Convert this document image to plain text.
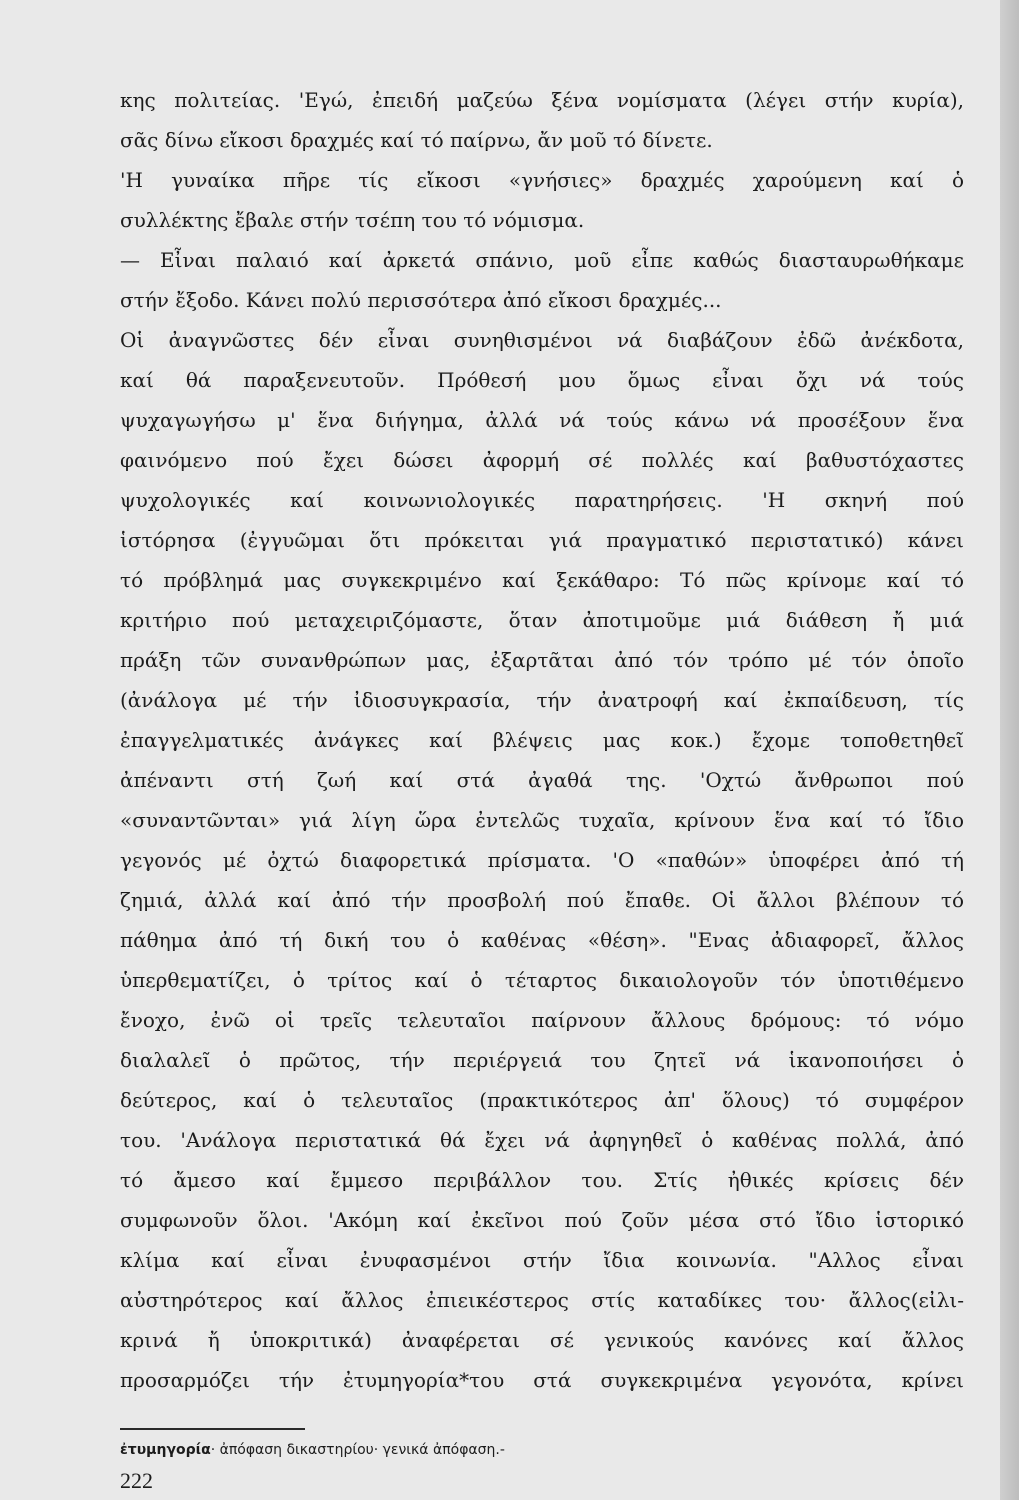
κης πολιτείας. 'Εγώ, ἐπειδή μαζεύω ξένα νομίσματα (λέγει στήν κυρία),
σᾶς δίνω εἴκοσι δραχμές καί τό παίρνω, ἄν μοῦ τό δίνετε.
'Η γυναίκα πῆρε τίς εἴκοσι «γνήσιες» δραχμές χαρούμενη καί ὁ
συλλέκτης ἔβαλε στήν τσέπη του τό νόμισμα.
— Εἶναι παλαιό καί ἀρκετά σπάνιο, μοῦ εἶπε καθώς διασταυρωθήκαμε
στήν ἔξοδο. Κάνει πολύ περισσότερα ἀπό εἴκοσι δραχμές...
Οἱ ἀναγνῶστες δέν εἶναι συνηθισμένοι νά διαβάζουν ἐδῶ ἀνέκδοτα,
καί θά παραξενευτοῦν. Πρόθεσή μου ὅμως εἶναι ὄχι νά τούς
ψυχαγωγήσω μ' ἕνα διήγημα, ἀλλά νά τούς κάνω νά προσέξουν ἕνα
φαινόμενο πού ἔχει δώσει ἀφορμή σέ πολλές καί βαθυστόχαστες
ψυχολογικές καί κοινωνιολογικές παρατηρήσεις. 'Η σκηνή πού
ἱστόρησα (ἐγγυῶμαι ὅτι πρόκειται γιά πραγματικό περιστατικό) κάνει
τό πρόβλημά μας συγκεκριμένο καί ξεκάθαρο: Τό πῶς κρίνομε καί τό
κριτήριο πού μεταχειριζόμαστε, ὅταν ἀποτιμοῦμε μιά διάθεση ἤ μιά
πράξη τῶν συνανθρώπων μας, ἐξαρτᾶται ἀπό τόν τρόπο μέ τόν ὁποῖο
(ἀνάλογα μέ τήν ἰδιοσυγκρασία, τήν ἀνατροφή καί ἐκπαίδευση, τίς
ἐπαγγελματικές ἀνάγκες καί βλέψεις μας κοκ.) ἔχομε τοποθετηθεῖ
ἀπέναντι στή ζωή καί στά ἀγαθά της. 'Οχτώ ἄνθρωποι πού
«συναντῶνται» γιά λίγη ὥρα ἐντελῶς τυχαῖα, κρίνουν ἕνα καί τό ἴδιο
γεγονός μέ ὀχτώ διαφορετικά πρίσματα. 'Ο «παθών» ὑποφέρει ἀπό τή
ζημιά, ἀλλά καί ἀπό τήν προσβολή πού ἔπαθε. Οἱ ἄλλοι βλέπουν τό
πάθημα ἀπό τή δική του ὁ καθένας «θέση». "Ενας ἀδιαφορεῖ, ἄλλος
ὑπερθεματίζει, ὁ τρίτος καί ὁ τέταρτος δικαιολογοῦν τόν ὑποτιθέμενο
ἔνοχο, ἐνῶ οἱ τρεῖς τελευταῖοι παίρνουν ἄλλους δρόμους: τό νόμο
διαλαλεῖ ὁ πρῶτος, τήν περιέργειά του ζητεῖ νά ἱκανοποιήσει ὁ
δεύτερος, καί ὁ τελευταῖος (πρακτικότερος ἀπ' ὅλους) τό συμφέρον
του. 'Ανάλογα περιστατικά θά ἔχει νά ἀφηγηθεῖ ὁ καθένας πολλά, ἀπό
τό ἄμεσο καί ἔμμεσο περιβάλλον του. Στίς ἠθικές κρίσεις δέν
συμφωνοῦν ὅλοι. 'Ακόμη καί ἐκεῖνοι πού ζοῦν μέσα στό ἴδιο ἱστορικό
κλίμα καί εἶναι ἐνυφασμένοι στήν ἴδια κοινωνία. "Αλλος εἶναι
αὐστηρότερος καί ἄλλος ἐπιεικέστερος στίς καταδίκες του· ἄλλος(εἰλι-
κρινά ἤ ὑποκριτικά) ἀναφέρεται σέ γενικούς κανόνες καί ἄλλος
προσαρμόζει τήν ἐτυμηγορία*του στά συγκεκριμένα γεγονότα, κρίνει
ἐτυμηγορία· ἀπόφαση δικαστηρίου· γενικά ἀπόφαση.-
222
